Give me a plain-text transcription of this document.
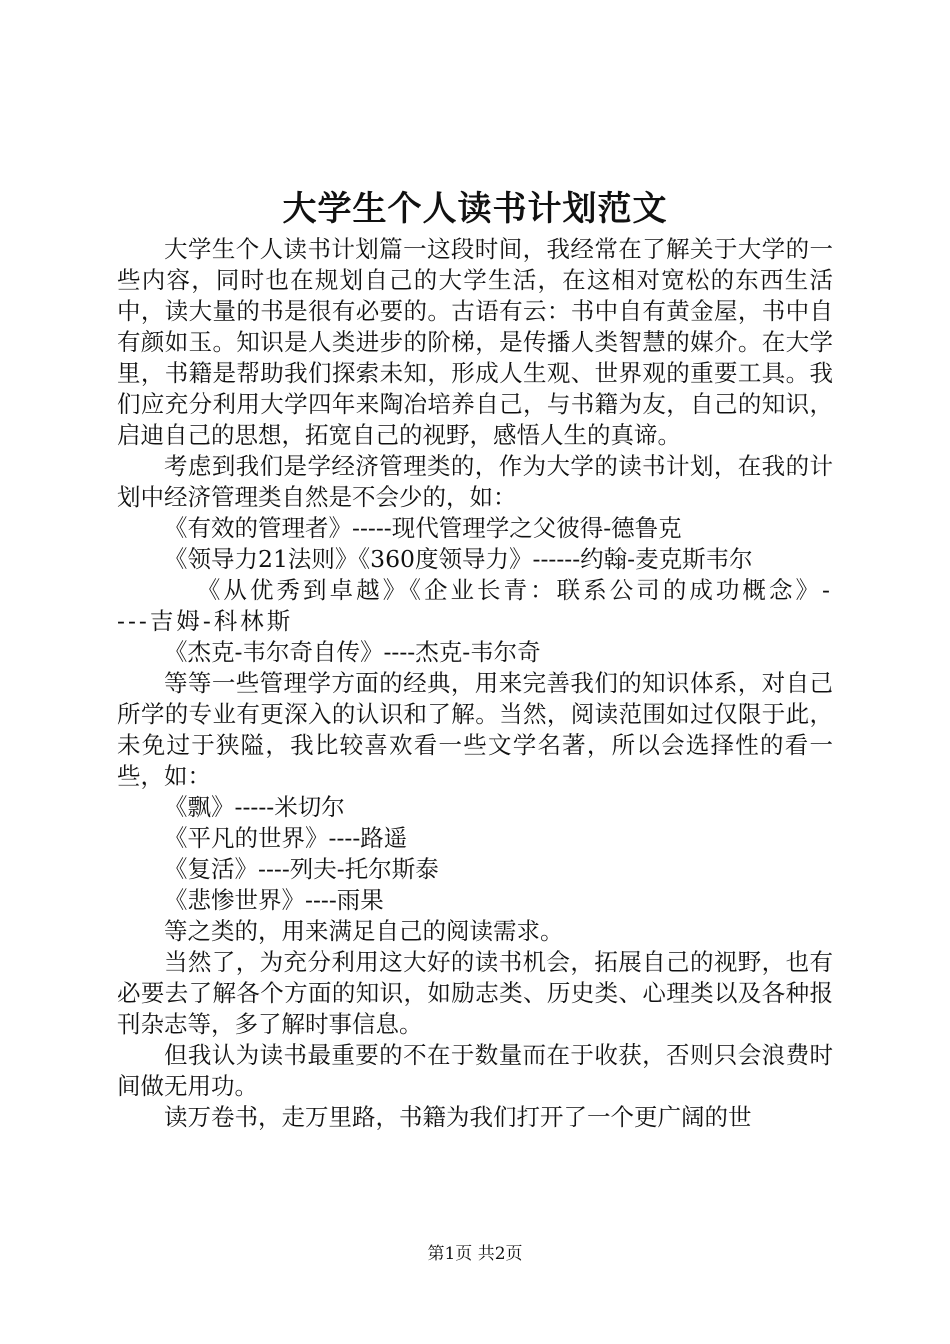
大学生个人读书计划范文

大学生个人读书计划篇一这段时间，我经常在了解关于大学的一些内容，同时也在规划自己的大学生活，在这相对宽松的东西生活中，读大量的书是很有必要的。古语有云：书中自有黄金屋，书中自有颜如玉。知识是人类进步的阶梯，是传播人类智慧的媒介。在大学里，书籍是帮助我们探索未知，形成人生观、世界观的重要工具。我们应充分利用大学四年来陶冶培养自己，与书籍为友，自己的知识，启迪自己的思想，拓宽自己的视野，感悟人生的真谛。

考虑到我们是学经济管理类的，作为大学的读书计划，在我的计划中经济管理类自然是不会少的，如：

《有效的管理者》-----现代管理学之父彼得-德鲁克

《领导力21法则》《360度领导力》------约翰-麦克斯韦尔

《从优秀到卓越》《企业长青：联系公司的成功概念》----吉姆-科林斯

《杰克-韦尔奇自传》----杰克-韦尔奇

等等一些管理学方面的经典，用来完善我们的知识体系，对自己所学的专业有更深入的认识和了解。当然，阅读范围如过仅限于此，未免过于狭隘，我比较喜欢看一些文学名著，所以会选择性的看一些，如：

《飘》-----米切尔

《平凡的世界》----路遥

《复活》----列夫-托尔斯泰

《悲惨世界》----雨果

等之类的，用来满足自己的阅读需求。

当然了，为充分利用这大好的读书机会，拓展自己的视野，也有必要去了解各个方面的知识，如励志类、历史类、心理类以及各种报刊杂志等，多了解时事信息。

但我认为读书最重要的不在于数量而在于收获，否则只会浪费时间做无用功。

读万卷书，走万里路，书籍为我们打开了一个更广阔的世

第1页 共2页
